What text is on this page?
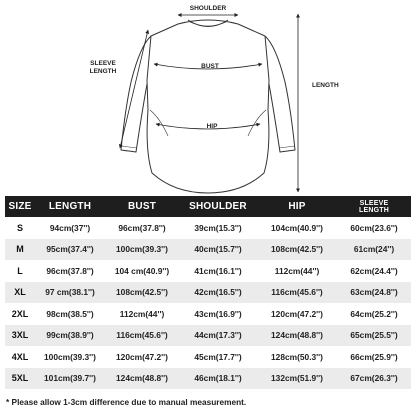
SHOULDER
SLEEVE
LENGTH
BUST
HIP
LENGTH
SIZE	LENGTH	BUST	SHOULDER	HIP	SLEEVE
LENGTH

S	94cm(37'')	96cm(37.8'')	39cm(15.3'')	104cm(40.9'')	60cm(23.6'')
M	95cm(37.4'')	100cm(39.3'')	40cm(15.7'')	108cm(42.5'')	61cm(24'')
L	96cm(37.8'')	104 cm(40.9'')	41cm(16.1'')	112cm(44'')	62cm(24.4'')
XL	97 cm(38.1'')	108cm(42.5'')	42cm(16.5'')	116cm(45.6'')	63cm(24.8'')
2XL	98cm(38.5'')	112cm(44'')	43cm(16.9'')	120cm(47.2'')	64cm(25.2'')
3XL	99cm(38.9'')	116cm(45.6'')	44cm(17.3'')	124cm(48.8'')	65cm(25.5'')
4XL	100cm(39.3'')	120cm(47.2'')	45cm(17.7'')	128cm(50.3'')	66cm(25.9'')
5XL	101cm(39.7'')	124cm(48.8'')	46cm(18.1'')	132cm(51.9'')	67cm(26.3'')
* Please allow 1-3cm difference due to manual measurement.
